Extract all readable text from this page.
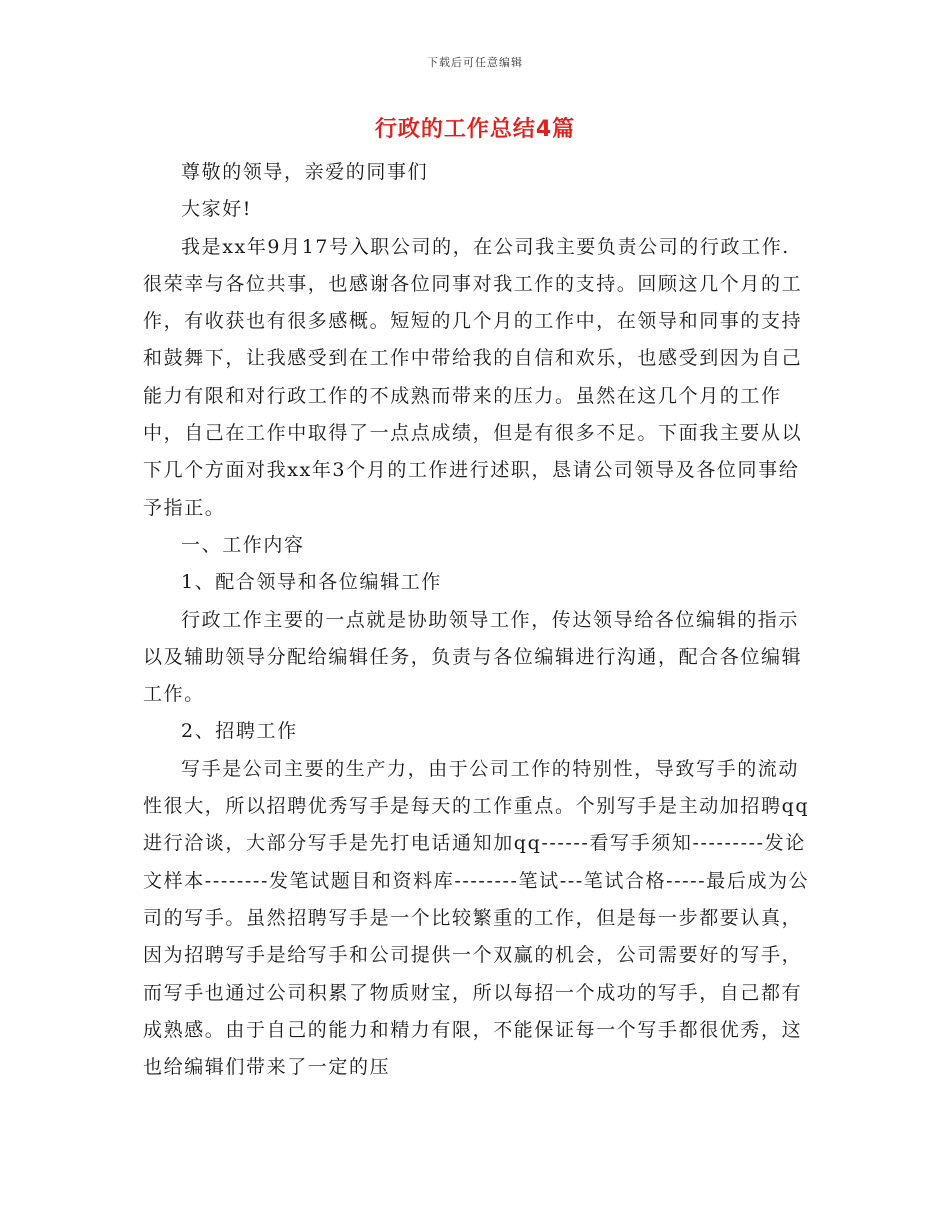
下载后可任意编辑
行政的工作总结4篇

尊敬的领导，亲爱的同事们

大家好!

我是xx年9月17号入职公司的，在公司我主要负责公司的行政工作.很荣幸与各位共事，也感谢各位同事对我工作的支持。回顾这几个月的工作，有收获也有很多感概。短短的几个月的工作中，在领导和同事的支持和鼓舞下，让我感受到在工作中带给我的自信和欢乐，也感受到因为自己能力有限和对行政工作的不成熟而带来的压力。虽然在这几个月的工作中，自己在工作中取得了一点点成绩，但是有很多不足。下面我主要从以下几个方面对我xx年3个月的工作进行述职，恳请公司领导及各位同事给予指正。

一、工作内容

1、配合领导和各位编辑工作

行政工作主要的一点就是协助领导工作，传达领导给各位编辑的指示以及辅助领导分配给编辑任务，负责与各位编辑进行沟通，配合各位编辑工作。

2、招聘工作

写手是公司主要的生产力，由于公司工作的特别性，导致写手的流动性很大，所以招聘优秀写手是每天的工作重点。个别写手是主动加招聘qq进行洽谈，大部分写手是先打电话通知加qq------看写手须知---------发论文样本--------发笔试题目和资料库--------笔试---笔试合格-----最后成为公司的写手。虽然招聘写手是一个比较繁重的工作，但是每一步都要认真，因为招聘写手是给写手和公司提供一个双赢的机会，公司需要好的写手，而写手也通过公司积累了物质财宝，所以每招一个成功的写手，自己都有成熟感。由于自己的能力和精力有限，不能保证每一个写手都很优秀，这也给编辑们带来了一定的压
